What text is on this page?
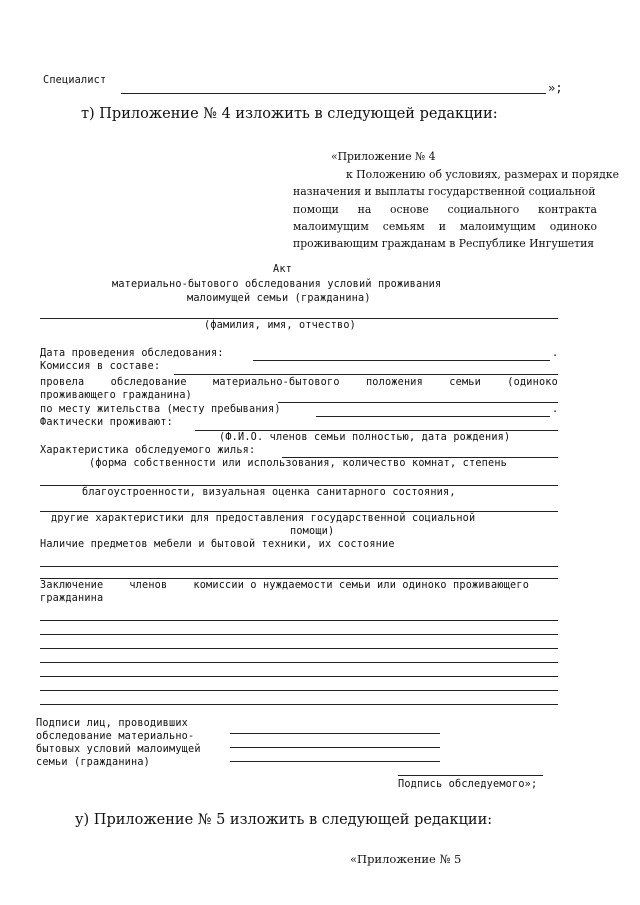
Специалист
»;
т) Приложение № 4 изложить в следующей редакции:
«Приложение № 4
к Положению об условиях, размерах и порядке
назначения и выплаты государственной социальной
помощи на основе социального контракта
малоимущим семьям и малоимущим одиноко
проживающим гражданам в Республике Ингушетия
Акт
материально-бытового обследования условий проживания
малоимущей семьи (гражданина)
(фамилия, имя, отчество)
Дата проведения обследования:	.
Комиссия в составе:
провела	обследование	материально-бытового	положения	семьи	(одиноко
проживающего гражданина)
по месту жительства (месту пребывания)	.
Фактически проживают:
(Ф.И.О. членов семьи полностью, дата рождения)
Характеристика обследуемого жилья:
(форма собственности или использования, количество комнат, степень
благоустроенности, визуальная оценка санитарного состояния,
другие характеристики для предоставления государственной социальной
помощи)
Наличие предметов мебели и бытовой техники, их состояние
Заключение	членов	комиссии о нуждаемости семьи или одиноко проживающего
гражданина
Подписи лиц, проводивших
обследование материально-
бытовых условий малоимущей
семьи (гражданина)
Подпись обследуемого»;
у) Приложение № 5 изложить в следующей редакции:
«Приложение № 5
